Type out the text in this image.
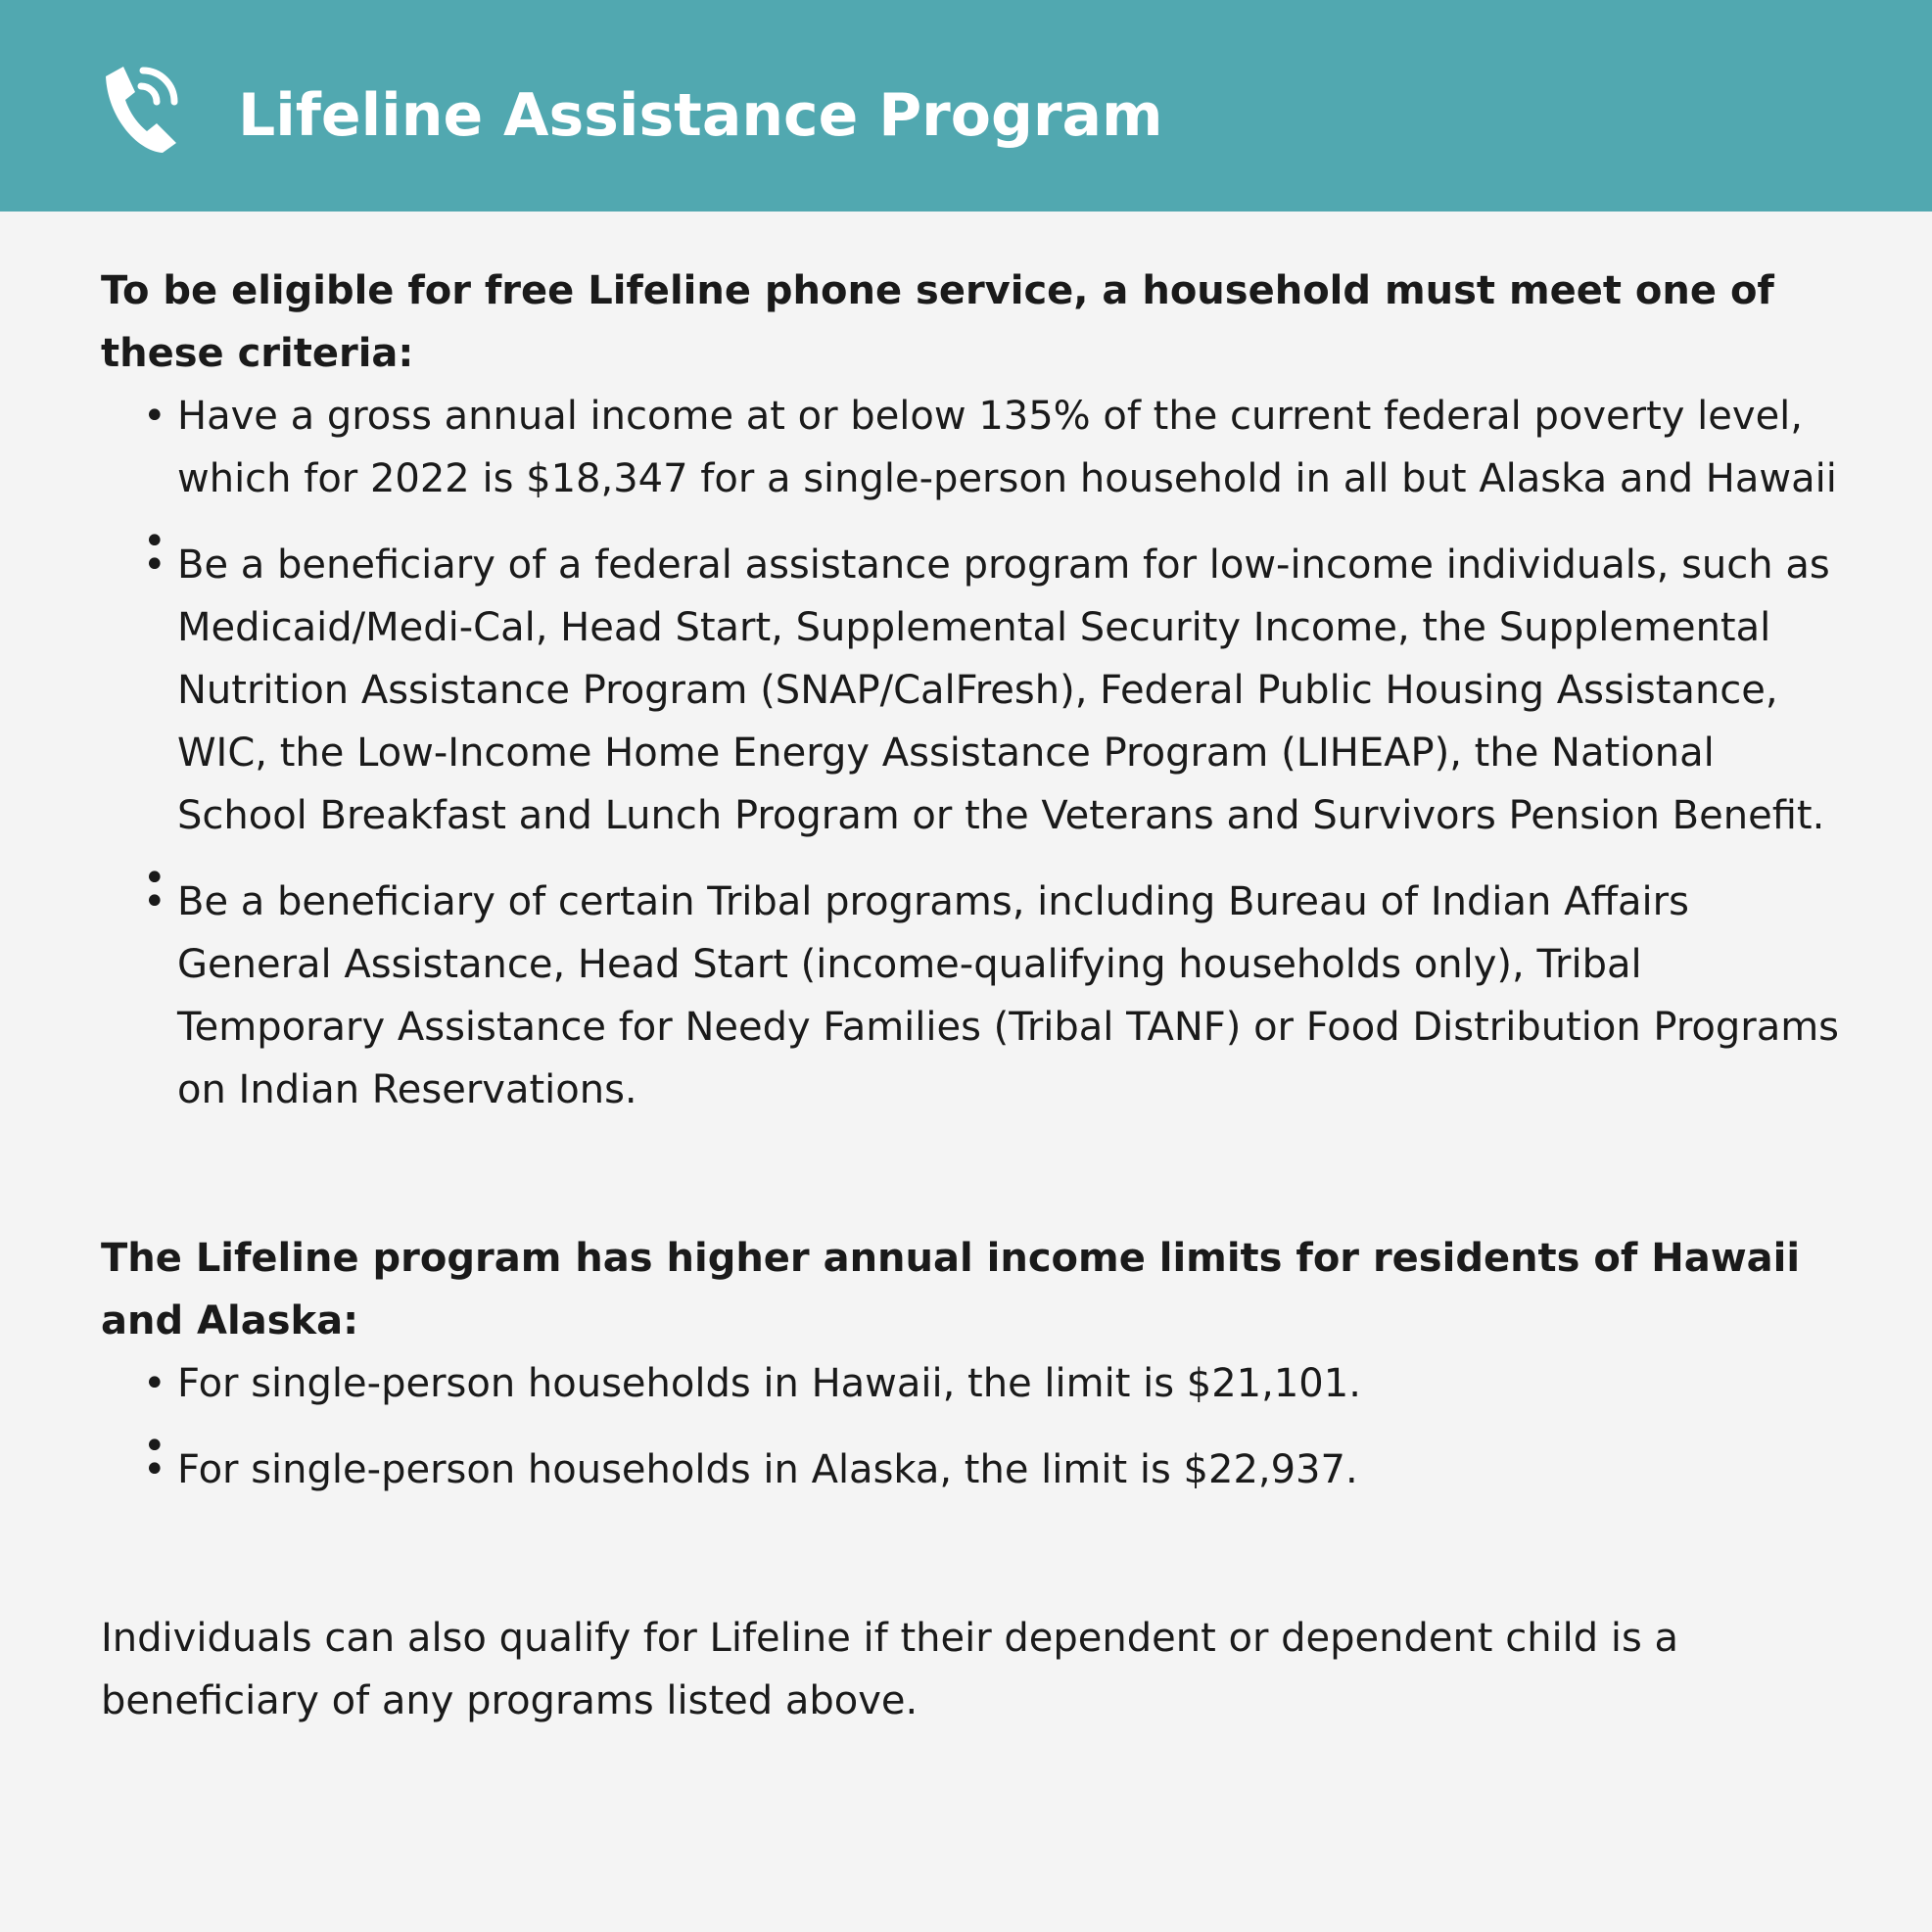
Lifeline Assistance Program

To be eligible for free Lifeline phone service, a household must meet one of these criteria:

• Have a gross annual income at or below 135% of the current federal poverty level, which for 2022 is $18,347 for a single-person household in all but Alaska and Hawaii
•
• Be a beneficiary of a federal assistance program for low-income individuals, such as Medicaid/Medi-Cal, Head Start, Supplemental Security Income, the Supplemental Nutrition Assistance Program (SNAP/CalFresh), Federal Public Housing Assistance, WIC, the Low-Income Home Energy Assistance Program (LIHEAP), the National School Breakfast and Lunch Program or the Veterans and Survivors Pension Benefit.
•
• Be a beneficiary of certain Tribal programs, including Bureau of Indian Affairs General Assistance, Head Start (income-qualifying households only), Tribal Temporary Assistance for Needy Families (Tribal TANF) or Food Distribution Programs on Indian Reservations.

The Lifeline program has higher annual income limits for residents of Hawaii and Alaska:

• For single-person households in Hawaii, the limit is $21,101.
•
• For single-person households in Alaska, the limit is $22,937.

Individuals can also qualify for Lifeline if their dependent or dependent child is a beneficiary of any programs listed above.
